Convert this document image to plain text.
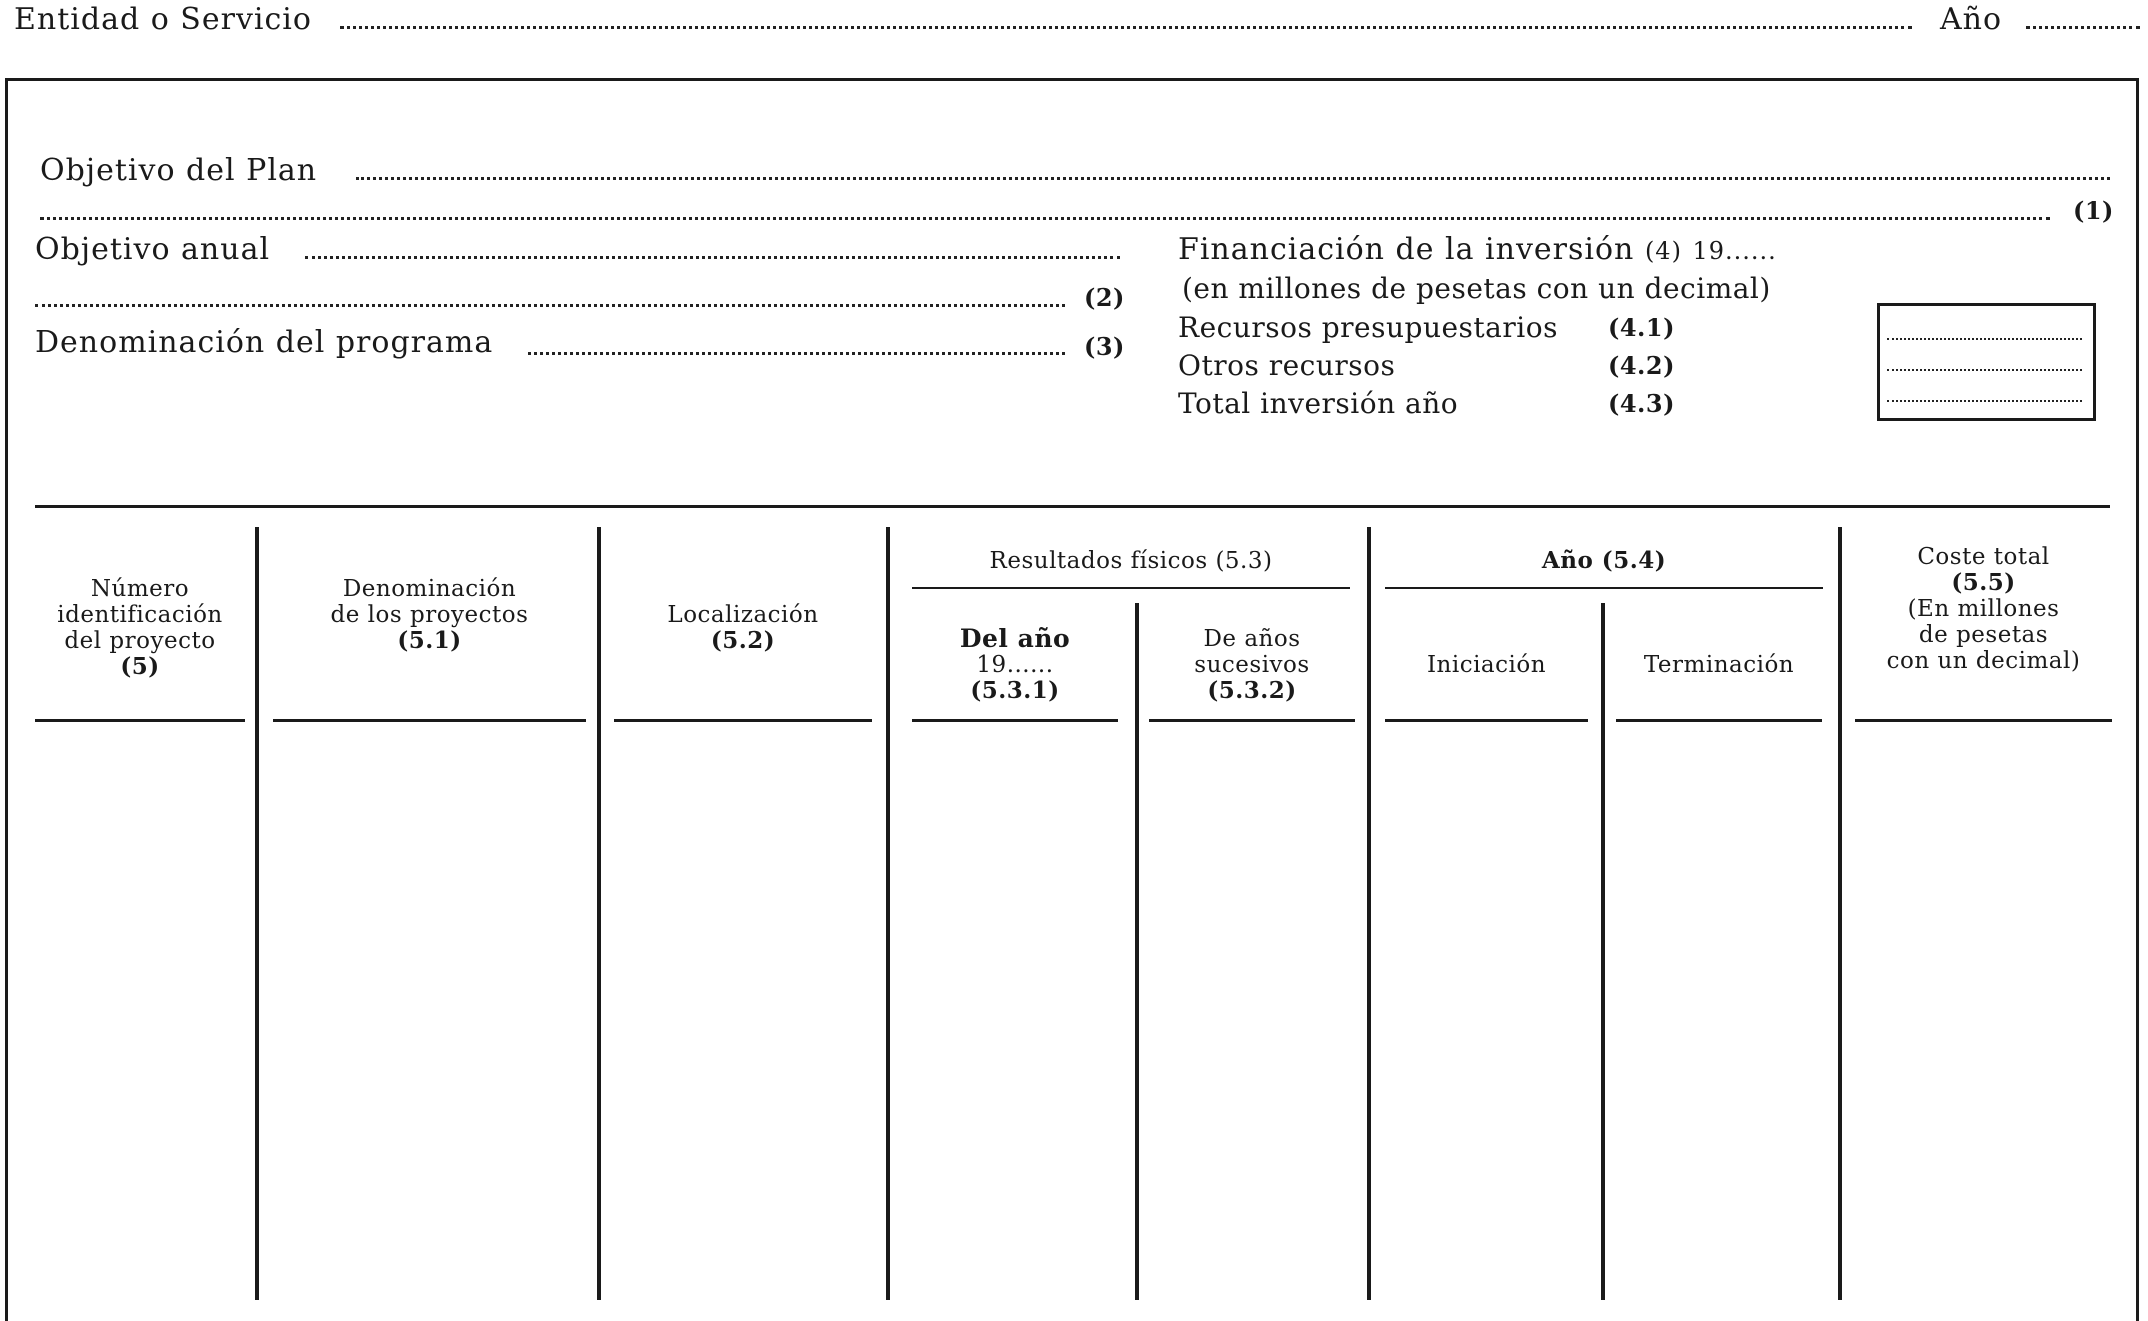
Entidad o Servicio	Año
Objetivo del Plan
(1)
Objetivo anual
(2)
Denominación del programa	(3)
Financiación de la inversión (4) 19......
(en millones de pesetas con un decimal)
Recursos presupuestarios (4.1)
Otros recursos	(4.2)
Total inversión año	(4.3)
Número
identificación
del proyecto
(5)
Denominación
de los proyectos
(5.1)
Localización
(5.2)
Resultados físicos (5.3)
Del año
19......
(5.3.1)
De años
sucesivos
(5.3.2)
Año (5.4)
Iniciación	Terminación
Coste total
(5.5)
(En millones
de pesetas
con un decimal)
